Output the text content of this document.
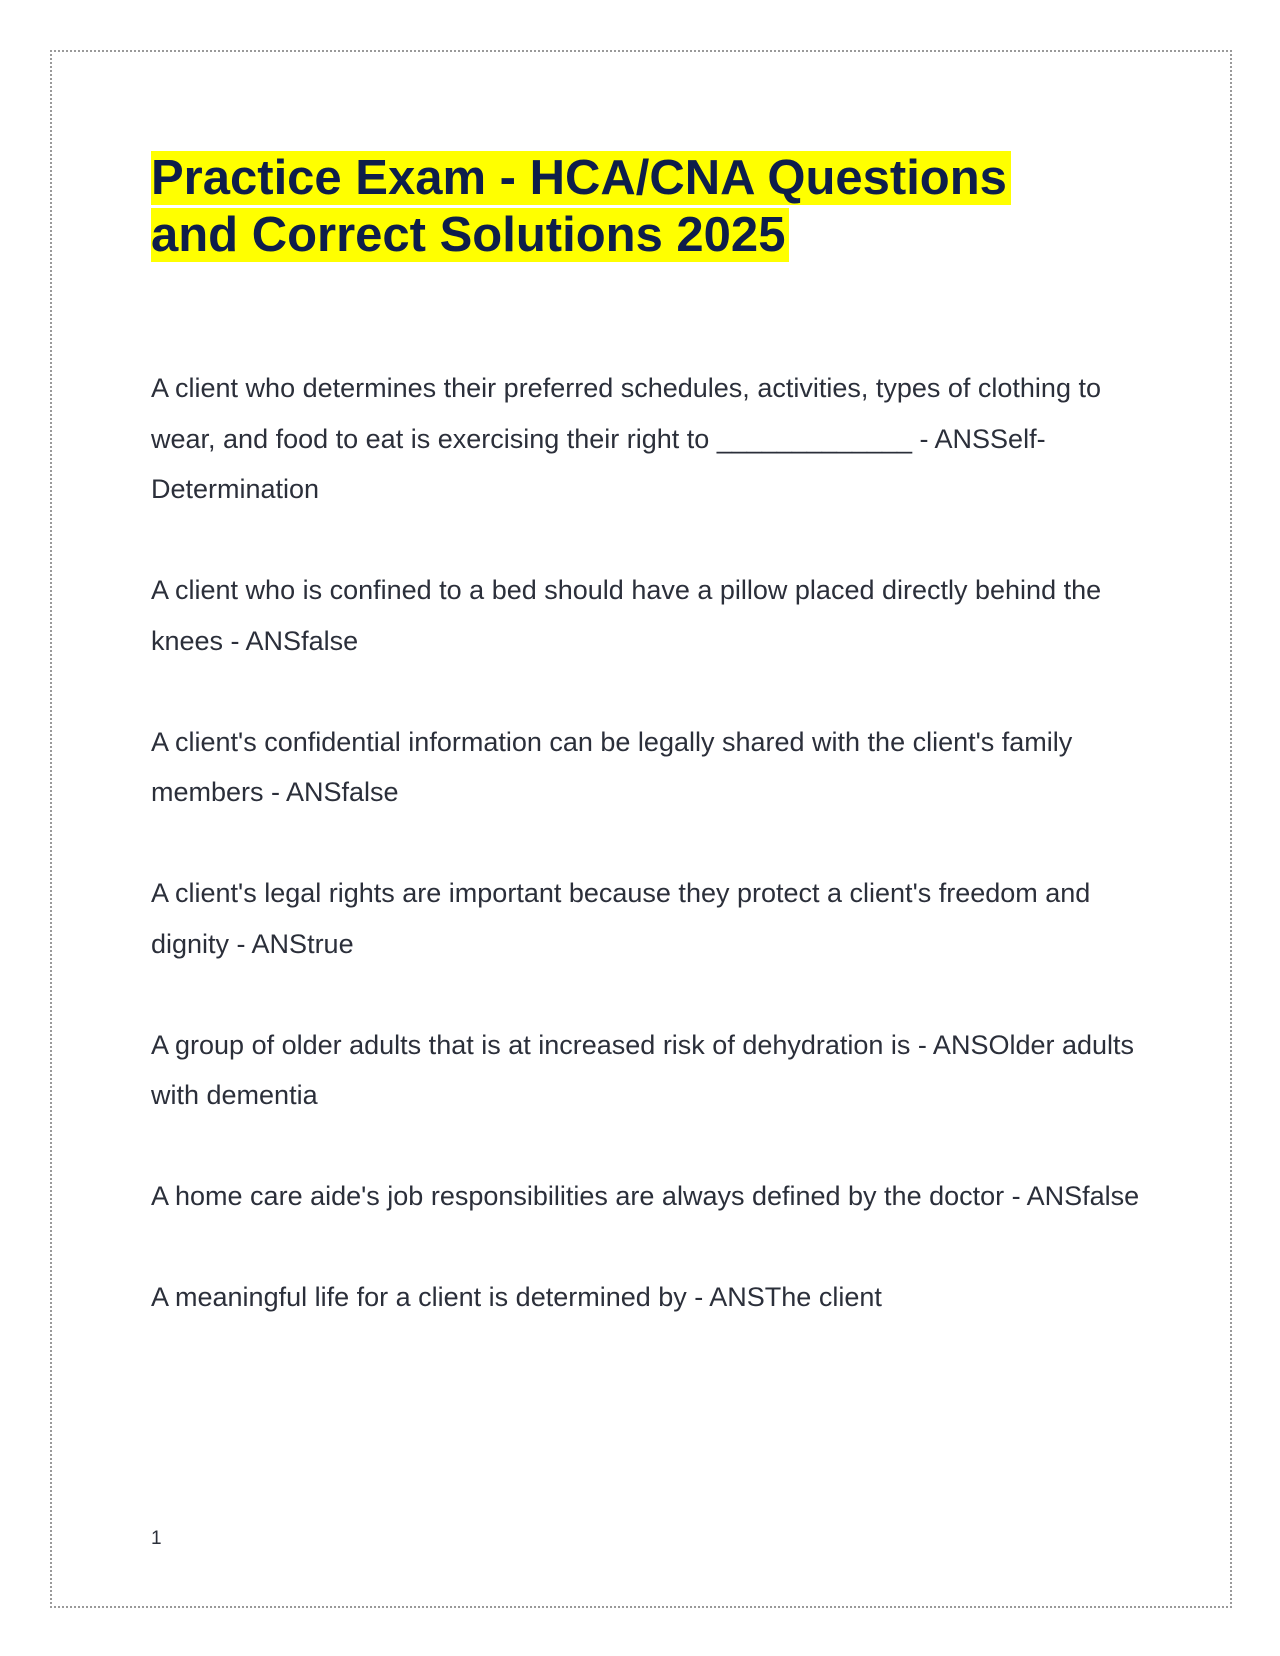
Practice Exam - HCA/CNA Questions
and Correct Solutions 2025

A client who determines their preferred schedules, activities, types of clothing to wear, and food to eat is exercising their right to _____________ - ANSSelf-Determination

A client who is confined to a bed should have a pillow placed directly behind the knees - ANSfalse

A client's confidential information can be legally shared with the client's family members - ANSfalse

A client's legal rights are important because they protect a client's freedom and dignity - ANStrue

A group of older adults that is at increased risk of dehydration is - ANSOlder adults with dementia

A home care aide's job responsibilities are always defined by the doctor - ANSfalse

A meaningful life for a client is determined by - ANSThe client

1
